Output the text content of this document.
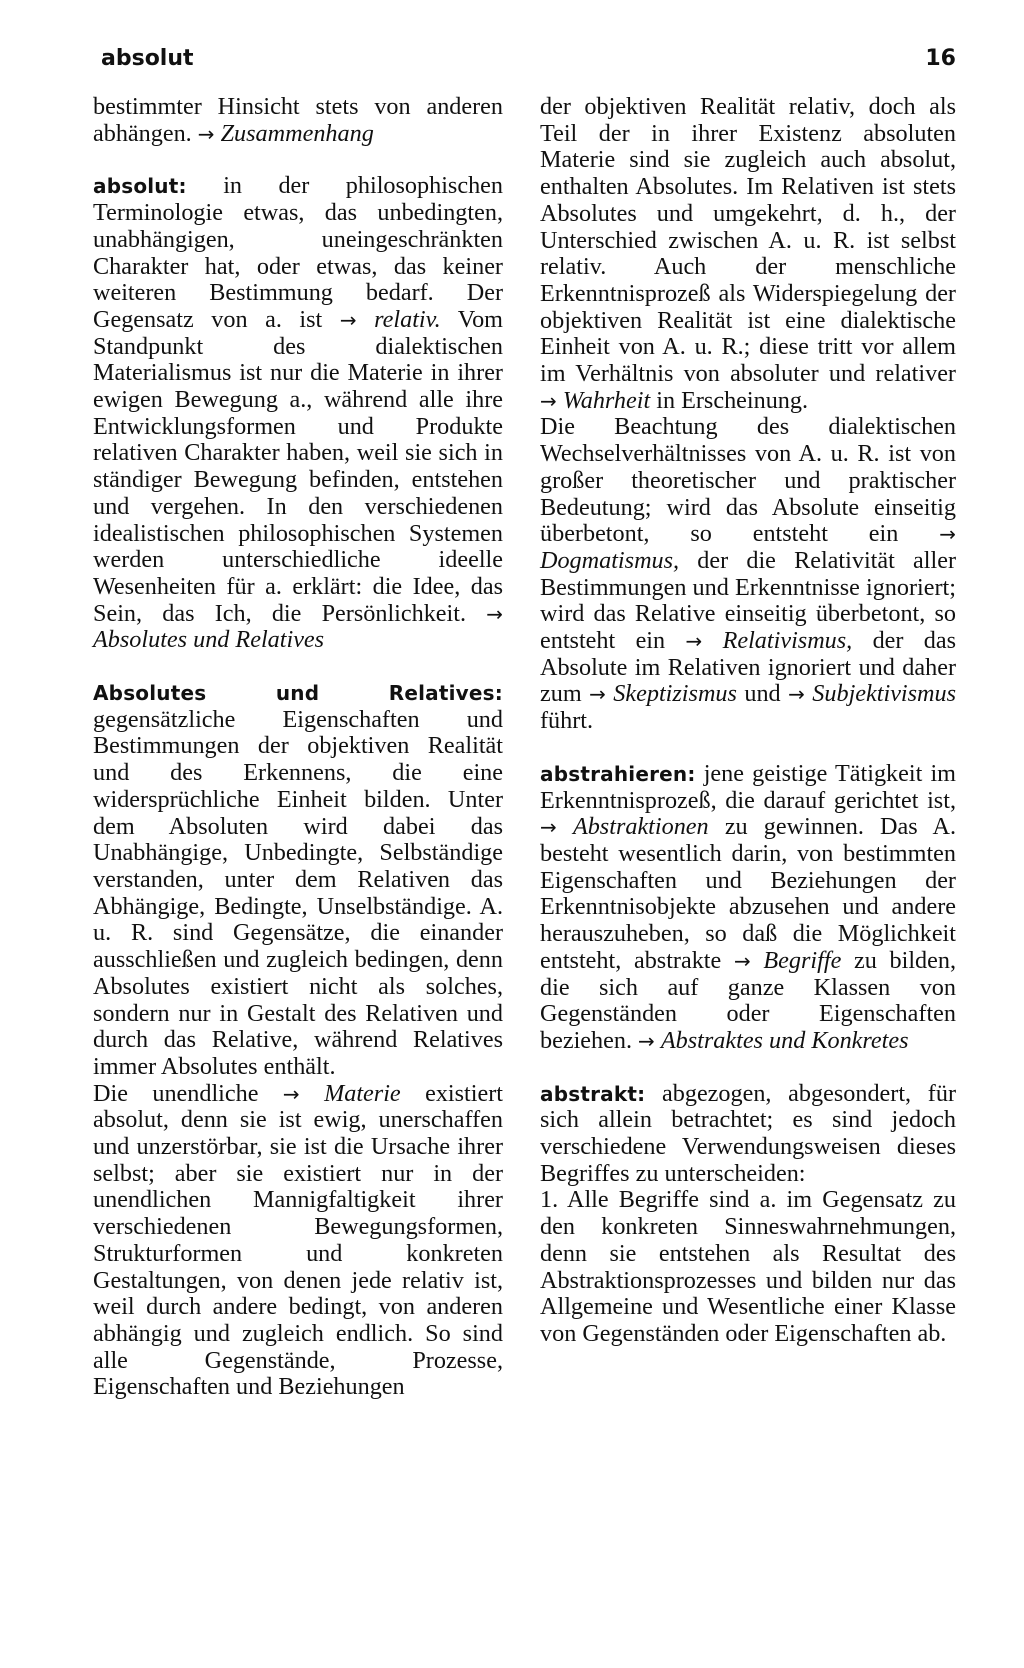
absolut	16

bestimmter Hinsicht stets von anderen abhängen. → Zusammenhang

absolut: in der philosophischen Terminologie etwas, das unbedingten, unabhängigen, uneingeschränkten Charakter hat, oder etwas, das keiner weiteren Bestimmung bedarf. Der Gegensatz von a. ist → relativ. Vom Standpunkt des dialektischen Materialismus ist nur die Materie in ihrer ewigen Bewegung a., während alle ihre Entwicklungsformen und Produkte relativen Charakter haben, weil sie sich in ständiger Bewegung befinden, entstehen und vergehen. In den verschiedenen idealistischen philosophischen Systemen werden unterschiedliche ideelle Wesenheiten für a. erklärt: die Idee, das Sein, das Ich, die Persönlichkeit. → Absolutes und Relatives

Absolutes und Relatives: gegensätzliche Eigenschaften und Bestimmungen der objektiven Realität und des Erkennens, die eine widersprüchliche Einheit bilden. Unter dem Absoluten wird dabei das Unabhängige, Unbedingte, Selbständige verstanden, unter dem Relativen das Abhängige, Bedingte, Unselbständige. A. u. R. sind Gegensätze, die einander ausschließen und zugleich bedingen, denn Absolutes existiert nicht als solches, sondern nur in Gestalt des Relativen und durch das Relative, während Relatives immer Absolutes enthält.

Die unendliche → Materie existiert absolut, denn sie ist ewig, unerschaffen und unzerstörbar, sie ist die Ursache ihrer selbst; aber sie existiert nur in der unendlichen Mannigfaltigkeit ihrer verschiedenen Bewegungsformen, Strukturformen und konkreten Gestaltungen, von denen jede relativ ist, weil durch andere bedingt, von anderen abhängig und zugleich endlich. So sind alle Gegenstände, Prozesse, Eigenschaften und Beziehungen

der objektiven Realität relativ, doch als Teil der in ihrer Existenz absoluten Materie sind sie zugleich auch absolut, enthalten Absolutes. Im Relativen ist stets Absolutes und umgekehrt, d. h., der Unterschied zwischen A. u. R. ist selbst relativ. Auch der menschliche Erkenntnisprozeß als Widerspiegelung der objektiven Realität ist eine dialektische Einheit von A. u. R.; diese tritt vor allem im Verhältnis von absoluter und relativer → Wahrheit in Erscheinung.

Die Beachtung des dialektischen Wechselverhältnisses von A. u. R. ist von großer theoretischer und praktischer Bedeutung; wird das Absolute einseitig überbetont, so entsteht ein → Dogmatismus, der die Relativität aller Bestimmungen und Erkenntnisse ignoriert; wird das Relative einseitig überbetont, so entsteht ein → Relativismus, der das Absolute im Relativen ignoriert und daher zum → Skeptizismus und → Subjektivismus führt.

abstrahieren: jene geistige Tätigkeit im Erkenntnisprozeß, die darauf gerichtet ist, → Abstraktionen zu gewinnen. Das A. besteht wesentlich darin, von bestimmten Eigenschaften und Beziehungen der Erkenntnisobjekte abzusehen und andere herauszuheben, so daß die Möglichkeit entsteht, abstrakte → Begriffe zu bilden, die sich auf ganze Klassen von Gegenständen oder Eigenschaften beziehen. → Abstraktes und Konkretes

abstrakt: abgezogen, abgesondert, für sich allein betrachtet; es sind jedoch verschiedene Verwendungsweisen dieses Begriffes zu unterscheiden:

1. Alle Begriffe sind a. im Gegensatz zu den konkreten Sinneswahrnehmungen, denn sie entstehen als Resultat des Abstraktionsprozesses und bilden nur das Allgemeine und Wesentliche einer Klasse von Gegenständen oder Eigenschaften ab.
